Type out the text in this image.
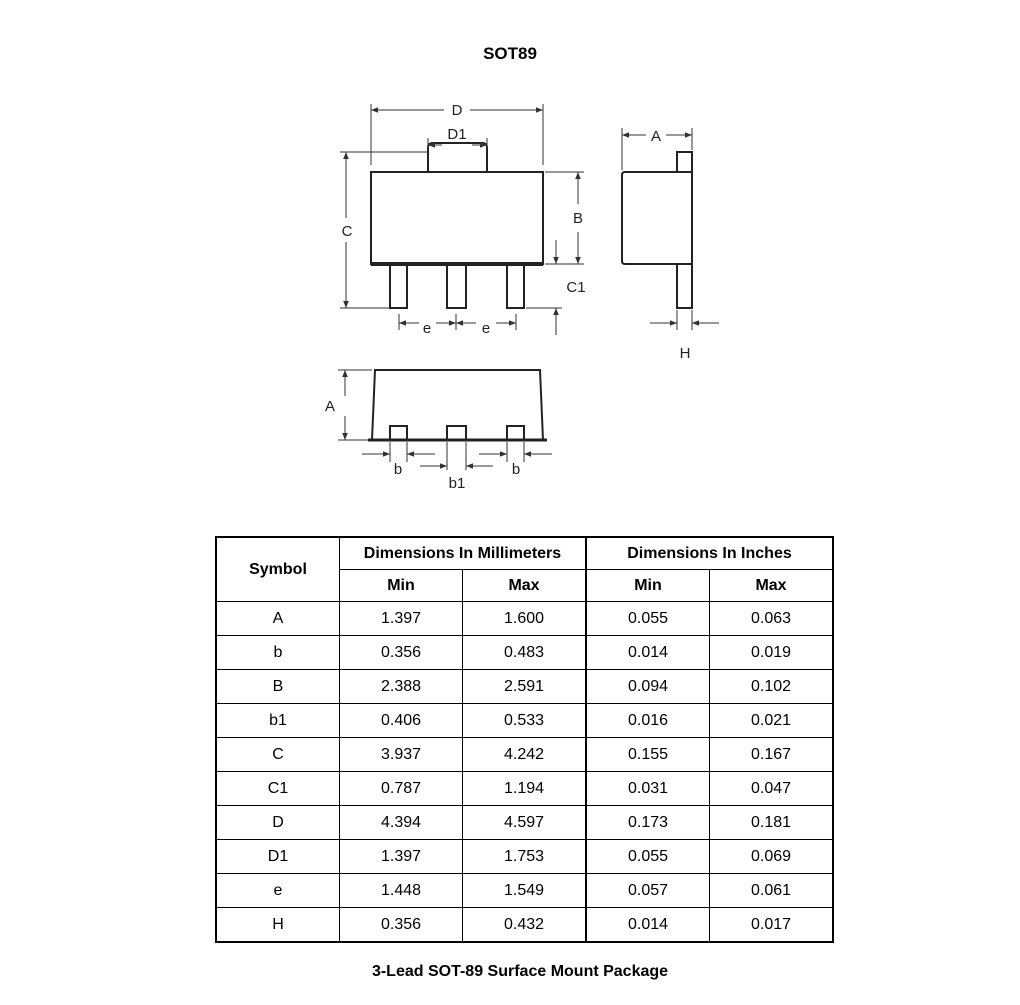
SOT89
D
D1
C
B
C1
e	e
A
H
A
b
b1
b
Symbol	Dimensions In Millimeters		Dimensions In Inches	
	Min	Max	Min	Max
A	1.397	1.600	0.055	0.063
b	0.356	0.483	0.014	0.019
B	2.388	2.591	0.094	0.102
b1	0.406	0.533	0.016	0.021
C	3.937	4.242	0.155	0.167
C1	0.787	1.194	0.031	0.047
D	4.394	4.597	0.173	0.181
D1	1.397	1.753	0.055	0.069
e	1.448	1.549	0.057	0.061
H	0.356	0.432	0.014	0.017
3-Lead SOT-89 Surface Mount Package
